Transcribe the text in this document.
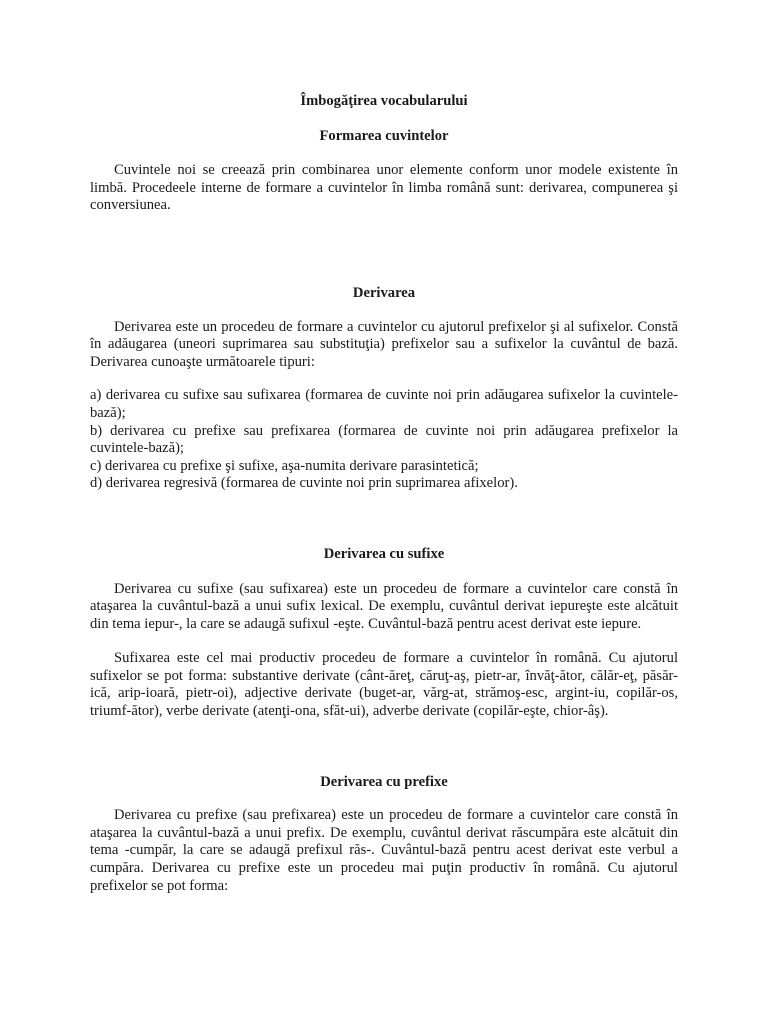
Îmbogăţirea vocabularului

Formarea cuvintelor

Cuvintele noi se creează prin combinarea unor elemente conform unor modele existente în limbă. Procedeele interne de formare a cuvintelor în limba română sunt: derivarea, compunerea şi conversiunea.

Derivarea

Derivarea este un procedeu de formare a cuvintelor cu ajutorul prefixelor şi al sufixelor. Constă în adăugarea (uneori suprimarea sau substituţia) prefixelor sau a sufixelor la cuvântul de bază. Derivarea cunoaşte următoarele tipuri:

a) derivarea cu sufixe sau sufixarea (formarea de cuvinte noi prin adăugarea sufixelor la cuvintele-bază);

b) derivarea cu prefixe sau prefixarea (formarea de cuvinte noi prin adăugarea prefixelor la cuvintele-bază);

c) derivarea cu prefixe şi sufixe, aşa-numita derivare parasintetică;

d) derivarea regresivă (formarea de cuvinte noi prin suprimarea afixelor).

Derivarea cu sufixe

Derivarea cu sufixe (sau sufixarea) este un procedeu de formare a cuvintelor care constă în ataşarea la cuvântul-bază a unui sufix lexical. De exemplu, cuvântul derivat iepureşte este alcătuit din tema iepur-, la care se adaugă sufixul -eşte. Cuvântul-bază pentru acest derivat este iepure.

Sufixarea este cel mai productiv procedeu de formare a cuvintelor în română. Cu ajutorul sufixelor se pot forma: substantive derivate (cânt-ăreţ, căruţ-aş, pietr-ar, învăţ-ător, călăr-eţ, păsăr-ică, arip-ioară, pietr-oi), adjective derivate (buget-ar, vărg-at, strămoş-esc, argint-iu, copilăr-os, triumf-ător), verbe derivate (atenţi-ona, sfăt-ui), adverbe derivate (copilăr-eşte, chior-âş).

Derivarea cu prefixe

Derivarea cu prefixe (sau prefixarea) este un procedeu de formare a cuvintelor care constă în ataşarea la cuvântul-bază a unui prefix. De exemplu, cuvântul derivat răscumpăra este alcătuit din tema -cumpăr, la care se adaugă prefixul răs-. Cuvântul-bază pentru acest derivat este verbul a cumpăra. Derivarea cu prefixe este un procedeu mai puţin productiv în română. Cu ajutorul prefixelor se pot forma:
